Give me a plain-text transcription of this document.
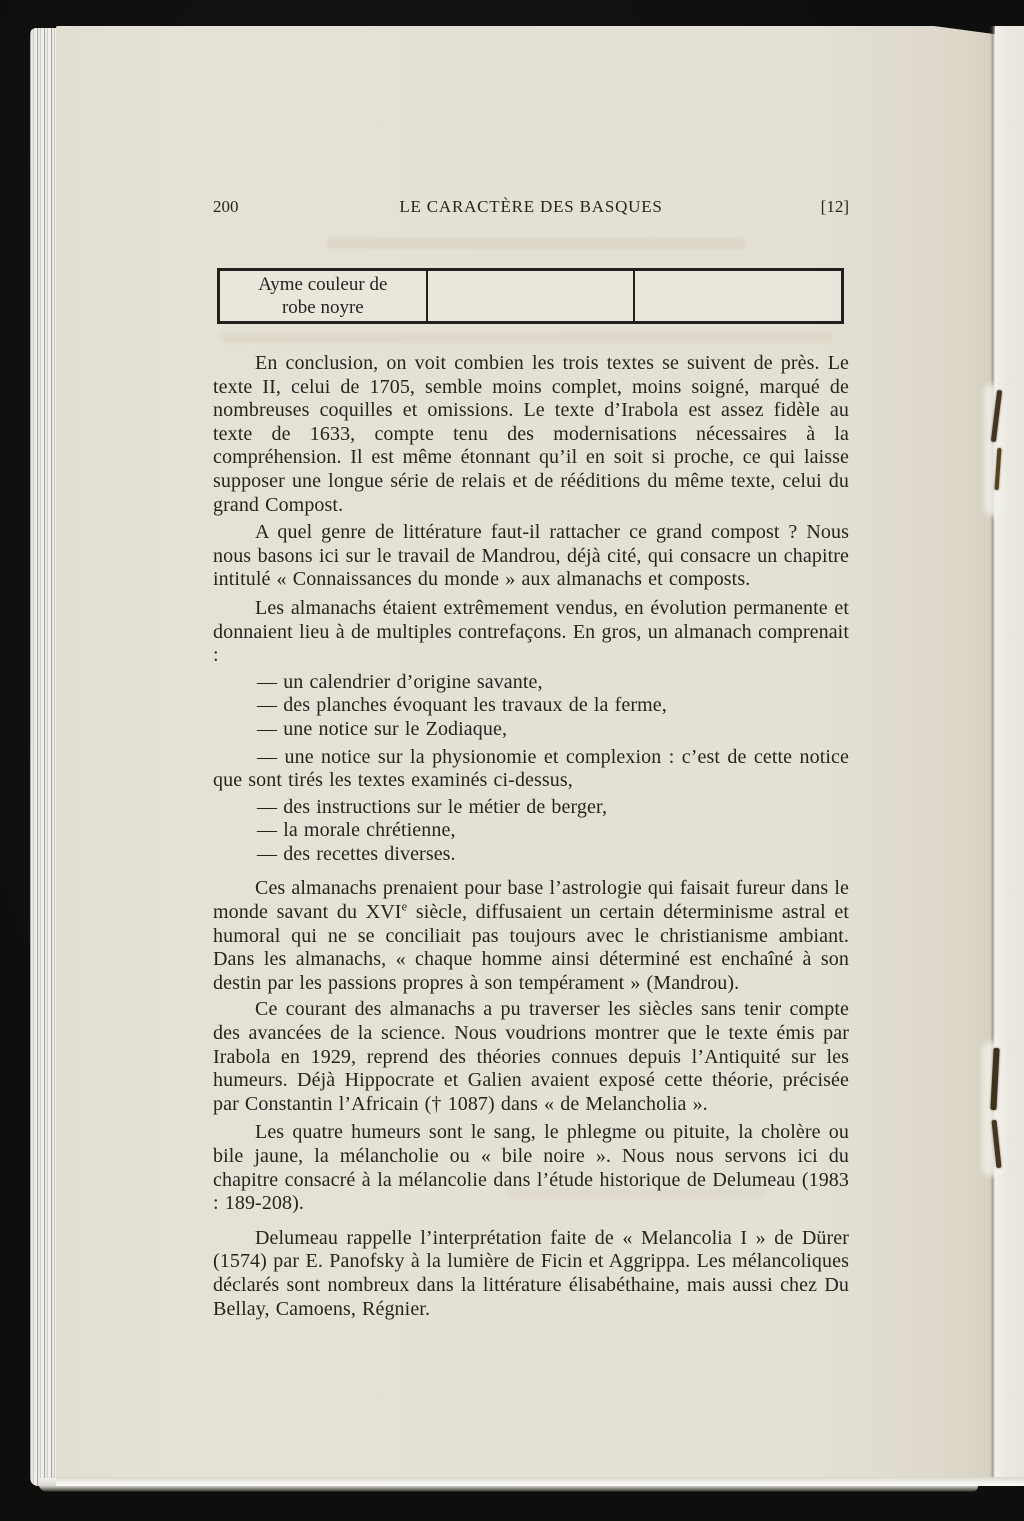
200	LE CARACTÈRE DES BASQUES	[12]
Ayme couleur de
robe noyre

En conclusion, on voit combien les trois textes se suivent de près. Le texte II, celui de 1705, semble moins complet, moins soigné, marqué de nombreuses coquilles et omissions. Le texte d’Irabola est assez fidèle au texte de 1633, compte tenu des modernisations nécessaires à la compréhension. Il est même étonnant qu’il en soit si proche, ce qui laisse supposer une longue série de relais et de rééditions du même texte, celui du grand Compost.

A quel genre de littérature faut-il rattacher ce grand compost ? Nous nous basons ici sur le travail de Mandrou, déjà cité, qui consacre un chapitre intitulé « Connaissances du monde » aux almanachs et composts.

Les almanachs étaient extrêmement vendus, en évolution permanente et donnaient lieu à de multiples contrefaçons. En gros, un almanach comprenait :

— un calendrier d’origine savante,
— des planches évoquant les travaux de la ferme,
— une notice sur le Zodiaque,
— une notice sur la physionomie et complexion : c’est de cette notice que sont tirés les textes examinés ci-dessus,
— des instructions sur le métier de berger,
— la morale chrétienne,
— des recettes diverses.

Ces almanachs prenaient pour base l’astrologie qui faisait fureur dans le monde savant du XVIe siècle, diffusaient un certain déterminisme astral et humoral qui ne se conciliait pas toujours avec le christianisme ambiant. Dans les almanachs, « chaque homme ainsi déterminé est enchaîné à son destin par les passions propres à son tempérament » (Mandrou).

Ce courant des almanachs a pu traverser les siècles sans tenir compte des avancées de la science. Nous voudrions montrer que le texte émis par Irabola en 1929, reprend des théories connues depuis l’Antiquité sur les humeurs. Déjà Hippocrate et Galien avaient exposé cette théorie, précisée par Constantin l’Africain († 1087) dans « de Melancholia ».

Les quatre humeurs sont le sang, le phlegme ou pituite, la cholère ou bile jaune, la mélancholie ou « bile noire ». Nous nous servons ici du chapitre consacré à la mélancolie dans l’étude historique de Delumeau (1983 : 189-208).

Delumeau rappelle l’interprétation faite de « Melancolia I » de Dürer (1574) par E. Panofsky à la lumière de Ficin et Aggrippa. Les mélancoliques déclarés sont nombreux dans la littérature élisabéthaine, mais aussi chez Du Bellay, Camoens, Régnier.
